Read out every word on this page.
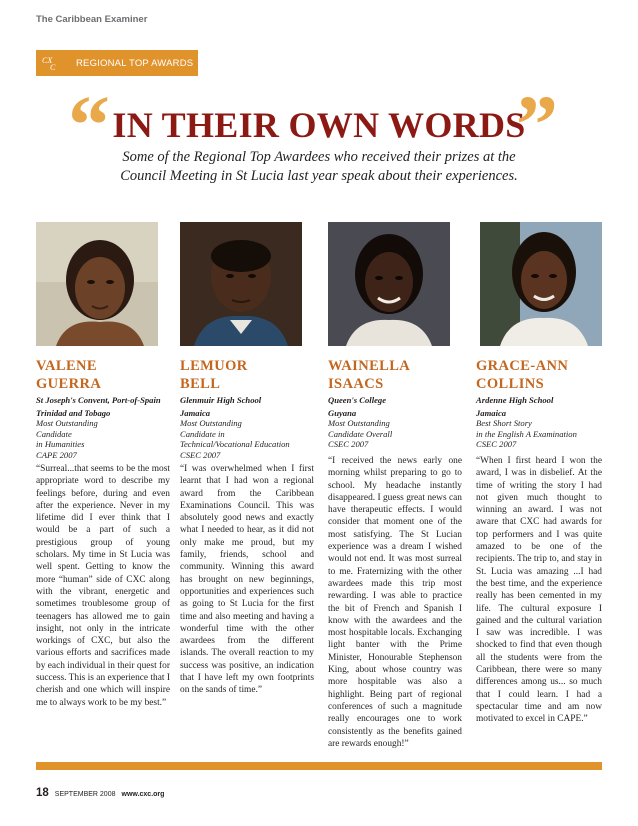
The Caribbean Examiner
CX
C REGIONAL TOP AWARDS
“ IN THEIR OWN WORDS
”
Some of the Regional Top Awardees who received their prizes at the Council Meeting in St Lucia last year speak about their experiences.
VALENE
GUERRA
St Joseph's Convent, Port-of-Spain
Trinidad and Tobago
Most Outstanding
Candidate
in Humanities
CAPE 2007
“Surreal...that seems to be the most appropriate word to describe my feelings before, during and even after the experience. Never in my lifetime did I ever think that I would be a part of such a prestigious group of young scholars. My time in St Lucia was well spent. Getting to know the more “human” side of CXC along with the vibrant, energetic and sometimes troublesome group of teenagers has allowed me to gain insight, not only in the intricate workings of CXC, but also the various efforts and sacrifices made by each individual in their quest for success. This is an experience that I cherish and one which will inspire me to always work to be my best.”
LEMUOR
BELL
Glenmuir High School
Jamaica
Most Outstanding
Candidate in
Technical/Vocational Education
CSEC 2007
“I was overwhelmed when I first learnt that I had won a regional award from the Caribbean Examinations Council. This was absolutely good news and exactly what I needed to hear, as it did not only make me proud, but my family, friends, school and community. Winning this award has brought on new beginnings, opportunities and experiences such as going to St Lucia for the first time and also meeting and having a wonderful time with the other awardees from the different islands. The overall reaction to my success was positive, an indication that I have left my own footprints on the sands of time.”
WAINELLA
ISAACS
Queen's College
Guyana
Most Outstanding
Candidate Overall
CSEC 2007
“I received the news early one morning whilst preparing to go to school. My headache instantly disappeared. I guess great news can have therapeutic effects. I would consider that moment one of the most satisfying. The St Lucian experience was a dream I wished would not end. It was most surreal to me. Fraternizing with the other awardees made this trip most rewarding. I was able to practice the bit of French and Spanish I know with the awardees and the most hospitable locals. Exchanging light banter with the Prime Minister, Honourable Stephenson King, about whose country was more hospitable was also a highlight. Being part of regional conferences of such a magnitude really encourages one to work consistently as the benefits gained are rewards enough!”
GRACE-ANN
COLLINS
Ardenne High School
Jamaica
Best Short Story
in the English A Examination
CSEC 2007
“When I first heard I won the award, I was in disbelief. At the time of writing the story I had not given much thought to winning an award. I was not aware that CXC had awards for top performers and I was quite amazed to be one of the recipients. The trip to, and stay in St. Lucia was amazing ...I had the best time, and the experience really has been cemented in my life. The cultural exposure I gained and the cultural variation I saw was incredible. I was shocked to find that even though all the students were from the Caribbean, there were so many differences among us... so much that I could learn. I had a spectacular time and am now motivated to excel in CAPE.”
18 SEPTEMBER 2008 www.cxc.org
